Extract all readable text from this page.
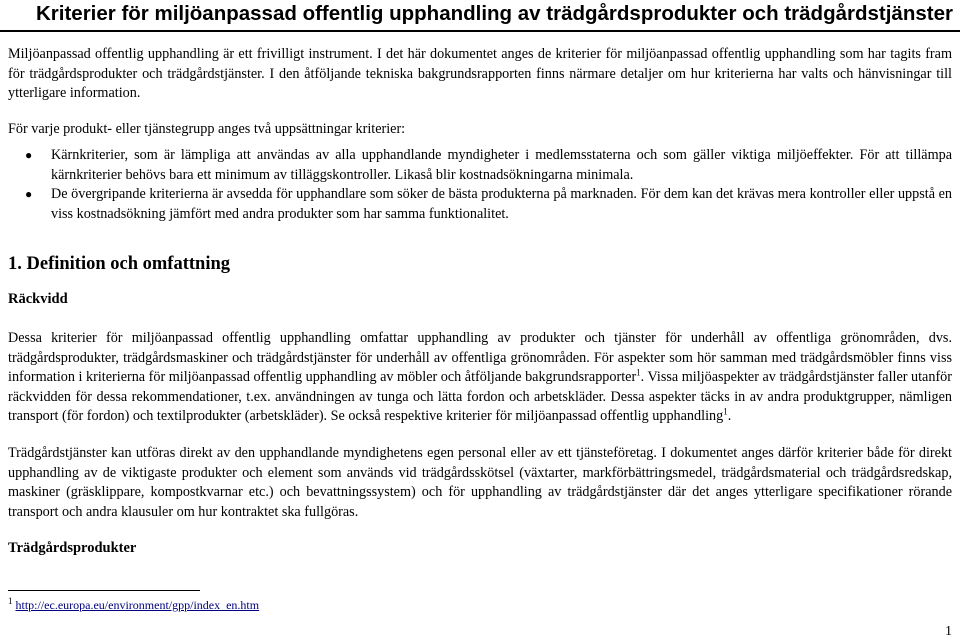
Kriterier för miljöanpassad offentlig upphandling av trädgårdsprodukter och trädgårdstjänster

Miljöanpassad offentlig upphandling är ett frivilligt instrument. I det här dokumentet anges de kriterier för miljöanpassad offentlig upphandling som har tagits fram för trädgårdsprodukter och trädgårdstjänster. I den åtföljande tekniska bakgrundsrapporten finns närmare detaljer om hur kriterierna har valts och hänvisningar till ytterligare information.

För varje produkt- eller tjänstegrupp anges två uppsättningar kriterier:

● Kärnkriterier, som är lämpliga att användas av alla upphandlande myndigheter i medlemsstaterna och som gäller viktiga miljöeffekter. För att tillämpa kärnkriterier behövs bara ett minimum av tilläggskontroller. Likaså blir kostnadsökningarna minimala.
● De övergripande kriterierna är avsedda för upphandlare som söker de bästa produkterna på marknaden. För dem kan det krävas mera kontroller eller uppstå en viss kostnadsökning jämfört med andra produkter som har samma funktionalitet.
1. Definition och omfattning
Räckvidd

Dessa kriterier för miljöanpassad offentlig upphandling omfattar upphandling av produkter och tjänster för underhåll av offentliga grönområden, dvs. trädgårdsprodukter, trädgårdsmaskiner och trädgårdstjänster för underhåll av offentliga grönområden. För aspekter som hör samman med trädgårdsmöbler finns viss information i kriterierna för miljöanpassad offentlig upphandling av möbler och åtföljande bakgrundsrapporter$^1$. Vissa miljöaspekter av trädgårdstjänster faller utanför räckvidden för dessa rekommendationer, t.ex. användningen av tunga och lätta fordon och arbetskläder. Dessa aspekter täcks in av andra produktgrupper, nämligen transport (för fordon) och textilprodukter (arbetskläder). Se också respektive kriterier för miljöanpassad offentlig upphandling$^1$.

Trädgårdstjänster kan utföras direkt av den upphandlande myndighetens egen personal eller av ett tjänsteföretag. I dokumentet anges därför kriterier både för direkt upphandling av de viktigaste produkter och element som används vid trädgårdsskötsel (växtarter, markförbättringsmedel, trädgårdsmaterial och trädgårdsredskap, maskiner (gräsklippare, kompostkvarnar etc.) och bevattningssystem) och för upphandling av trädgårdstjänster där det anges ytterligare specifikationer rörande transport och andra klausuler om hur kontraktet ska fullgöras.

Trädgårdsprodukter

$^1$ http://ec.europa.eu/environment/gpp/index_en.htm

1
